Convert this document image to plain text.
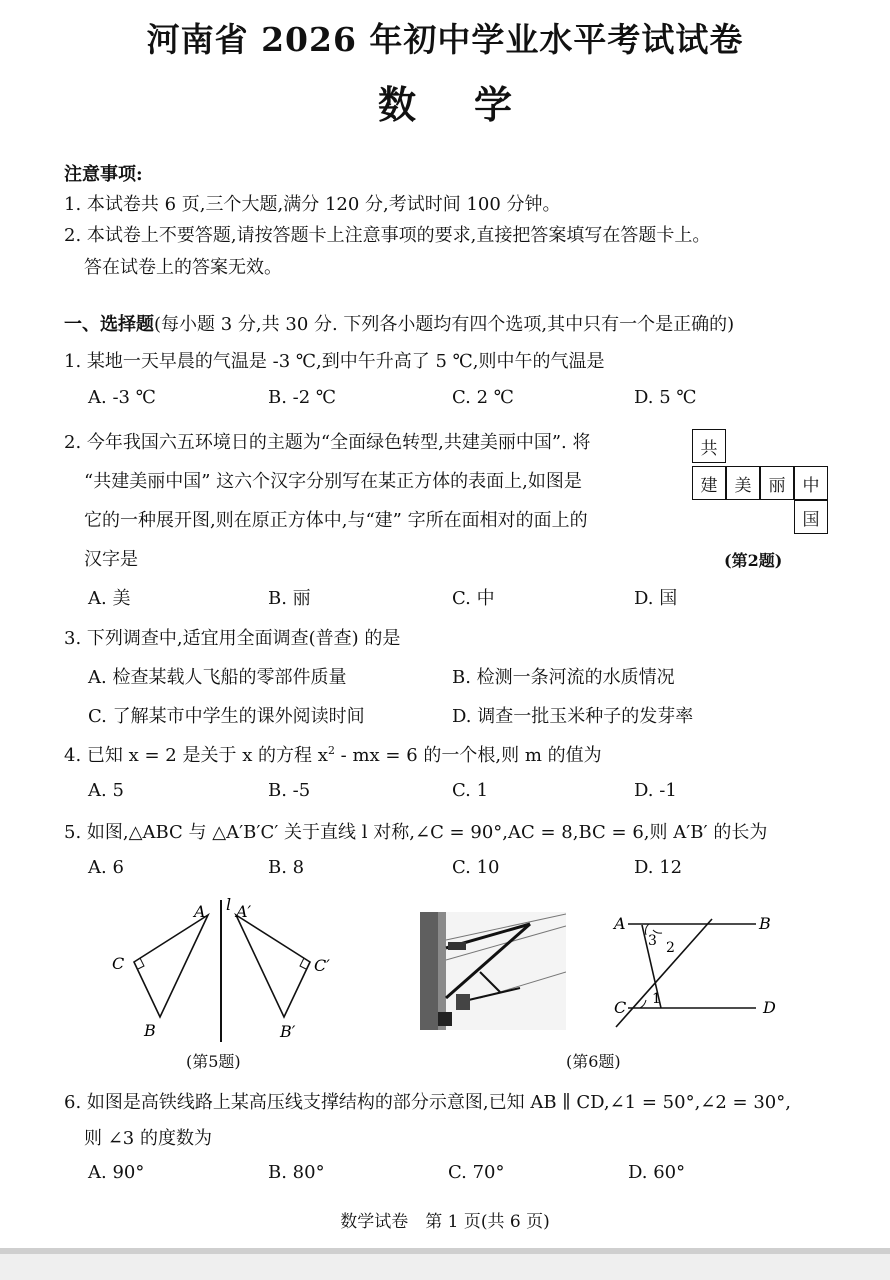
河南省 2026 年初中学业水平考试试卷
数学
注意事项:
1. 本试卷共 6 页,三个大题,满分 120 分,考试时间 100 分钟。
2. 本试卷上不要答题,请按答题卡上注意事项的要求,直接把答案填写在答题卡上。
答在试卷上的答案无效。
一、选择题(每小题 3 分,共 30 分. 下列各小题均有四个选项,其中只有一个是正确的)
1. 某地一天早晨的气温是 -3 ℃,到中午升高了 5 ℃,则中午的气温是
A. -3 ℃	B. -2 ℃	C. 2 ℃	D. 5 ℃
2. 今年我国六五环境日的主题为“全面绿色转型,共建美丽中国”. 将
“共建美丽中国” 这六个汉字分别写在某正方体的表面上,如图是
它的一种展开图,则在原正方体中,与“建” 字所在面相对的面上的
汉字是
共
建	美	丽	中
国
(第2题)
A. 美	B. 丽	C. 中	D. 国
3. 下列调查中,适宜用全面调查(普查) 的是
A. 检查某载人飞船的零部件质量	B. 检测一条河流的水质情况
C. 了解某市中学生的课外阅读时间	D. 调查一批玉米种子的发芽率
4. 已知 x = 2 是关于 x 的方程 $x^2$ - mx = 6 的一个根,则 m 的值为
A. 5	B. -5	C. 1	D. -1
5. 如图,△ABC 与 △A′B′C′ 关于直线 l 对称,∠C = 90°,AC = 8,BC = 6,则 A′B′ 的长为
A. 6	B. 8	C. 10	D. 12
A
C
B
l A′
C′
B′
(第5题)
A	B
C	D
1
2
3
(第6题)
6. 如图是高铁线路上某高压线支撑结构的部分示意图,已知 AB ∥ CD,∠1 = 50°,∠2 = 30°,
则 ∠3 的度数为
A. 90°	B. 80°	C. 70°	D. 60°
数学试卷　第 1 页(共 6 页)
